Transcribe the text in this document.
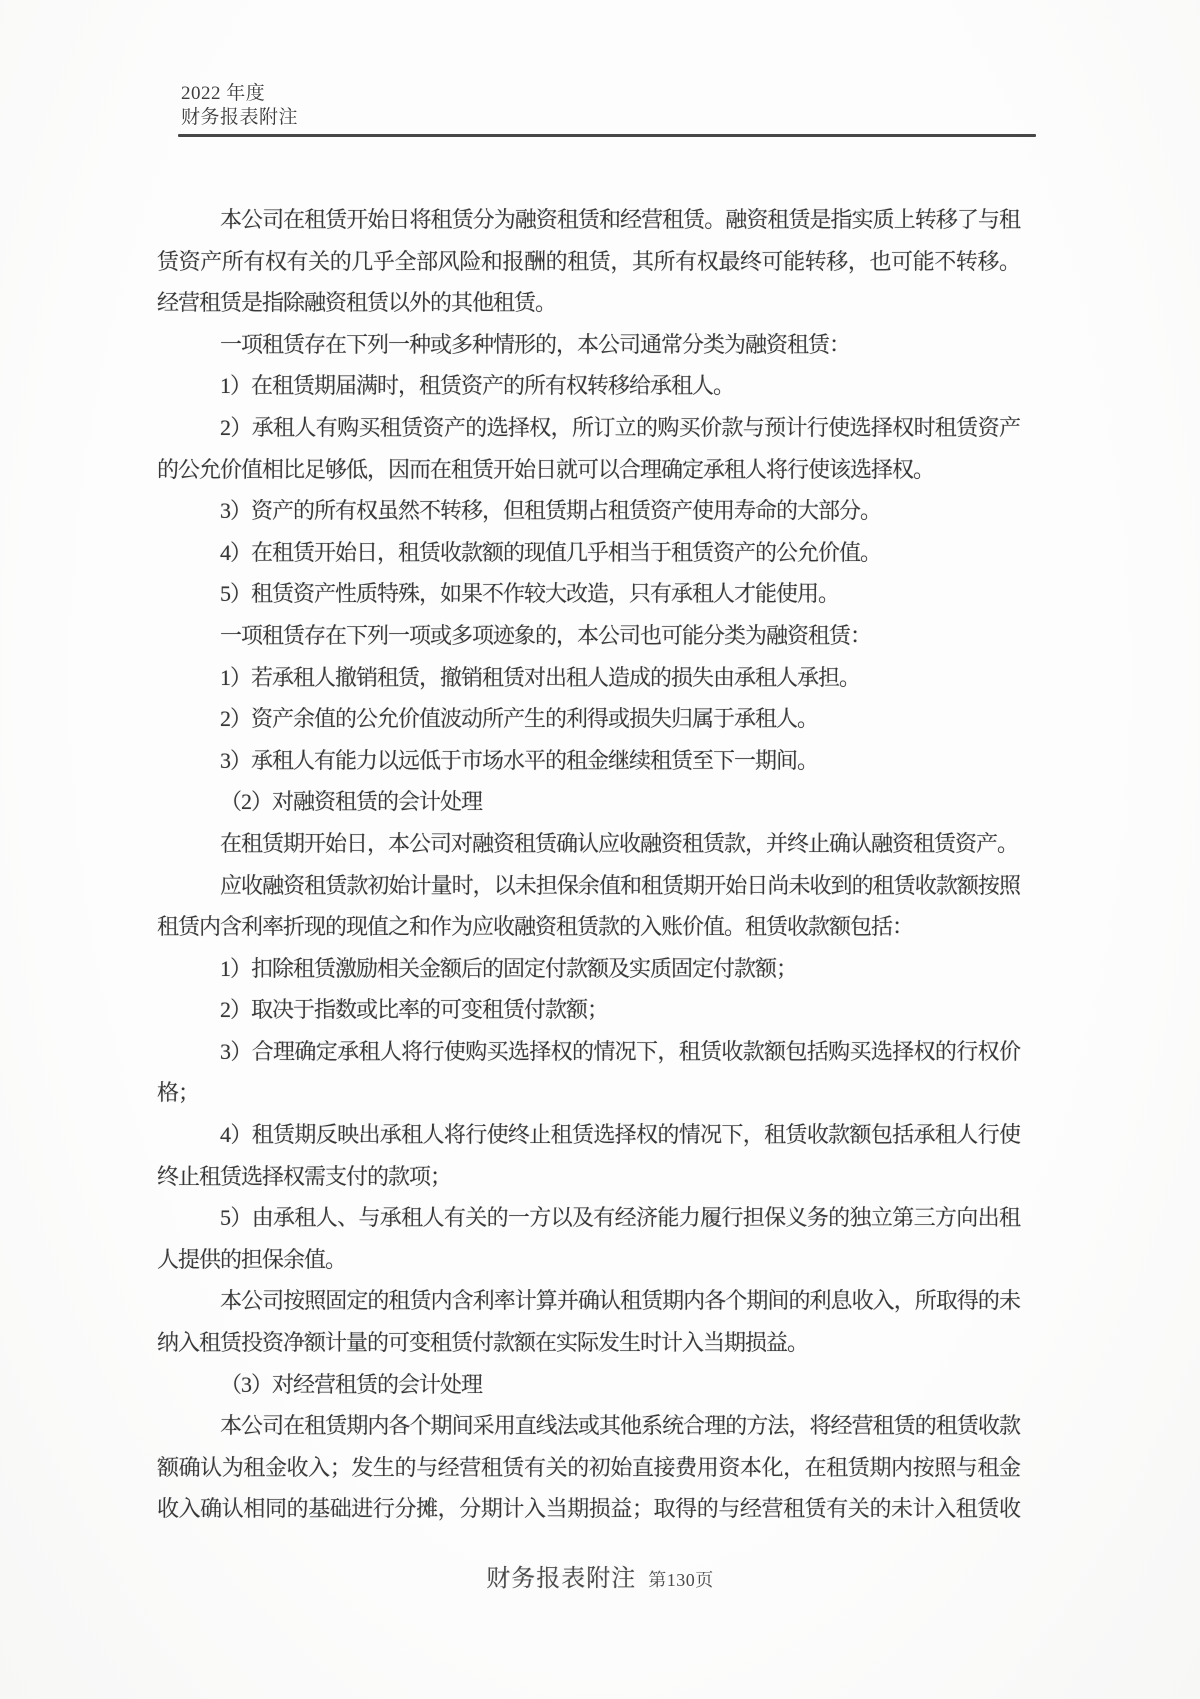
2022 年度
财务报表附注
本公司在租赁开始日将租赁分为融资租赁和经营租赁。融资租赁是指实质上转移了与租
赁资产所有权有关的几乎全部风险和报酬的租赁，其所有权最终可能转移，也可能不转移。
经营租赁是指除融资租赁以外的其他租赁。
一项租赁存在下列一种或多种情形的，本公司通常分类为融资租赁：
1）在租赁期届满时，租赁资产的所有权转移给承租人。
2）承租人有购买租赁资产的选择权，所订立的购买价款与预计行使选择权时租赁资产
的公允价值相比足够低，因而在租赁开始日就可以合理确定承租人将行使该选择权。
3）资产的所有权虽然不转移，但租赁期占租赁资产使用寿命的大部分。
4）在租赁开始日，租赁收款额的现值几乎相当于租赁资产的公允价值。
5）租赁资产性质特殊，如果不作较大改造，只有承租人才能使用。
一项租赁存在下列一项或多项迹象的，本公司也可能分类为融资租赁：
1）若承租人撤销租赁，撤销租赁对出租人造成的损失由承租人承担。
2）资产余值的公允价值波动所产生的利得或损失归属于承租人。
3）承租人有能力以远低于市场水平的租金继续租赁至下一期间。
（2）对融资租赁的会计处理
在租赁期开始日，本公司对融资租赁确认应收融资租赁款，并终止确认融资租赁资产。
应收融资租赁款初始计量时，以未担保余值和租赁期开始日尚未收到的租赁收款额按照
租赁内含利率折现的现值之和作为应收融资租赁款的入账价值。租赁收款额包括：
1）扣除租赁激励相关金额后的固定付款额及实质固定付款额；
2）取决于指数或比率的可变租赁付款额；
3）合理确定承租人将行使购买选择权的情况下，租赁收款额包括购买选择权的行权价
格；
4）租赁期反映出承租人将行使终止租赁选择权的情况下，租赁收款额包括承租人行使
终止租赁选择权需支付的款项；
5）由承租人、与承租人有关的一方以及有经济能力履行担保义务的独立第三方向出租
人提供的担保余值。
本公司按照固定的租赁内含利率计算并确认租赁期内各个期间的利息收入，所取得的未
纳入租赁投资净额计量的可变租赁付款额在实际发生时计入当期损益。
（3）对经营租赁的会计处理
本公司在租赁期内各个期间采用直线法或其他系统合理的方法，将经营租赁的租赁收款
额确认为租金收入；发生的与经营租赁有关的初始直接费用资本化，在租赁期内按照与租金
收入确认相同的基础进行分摊，分期计入当期损益；取得的与经营租赁有关的未计入租赁收
财务报表附注 第130页
